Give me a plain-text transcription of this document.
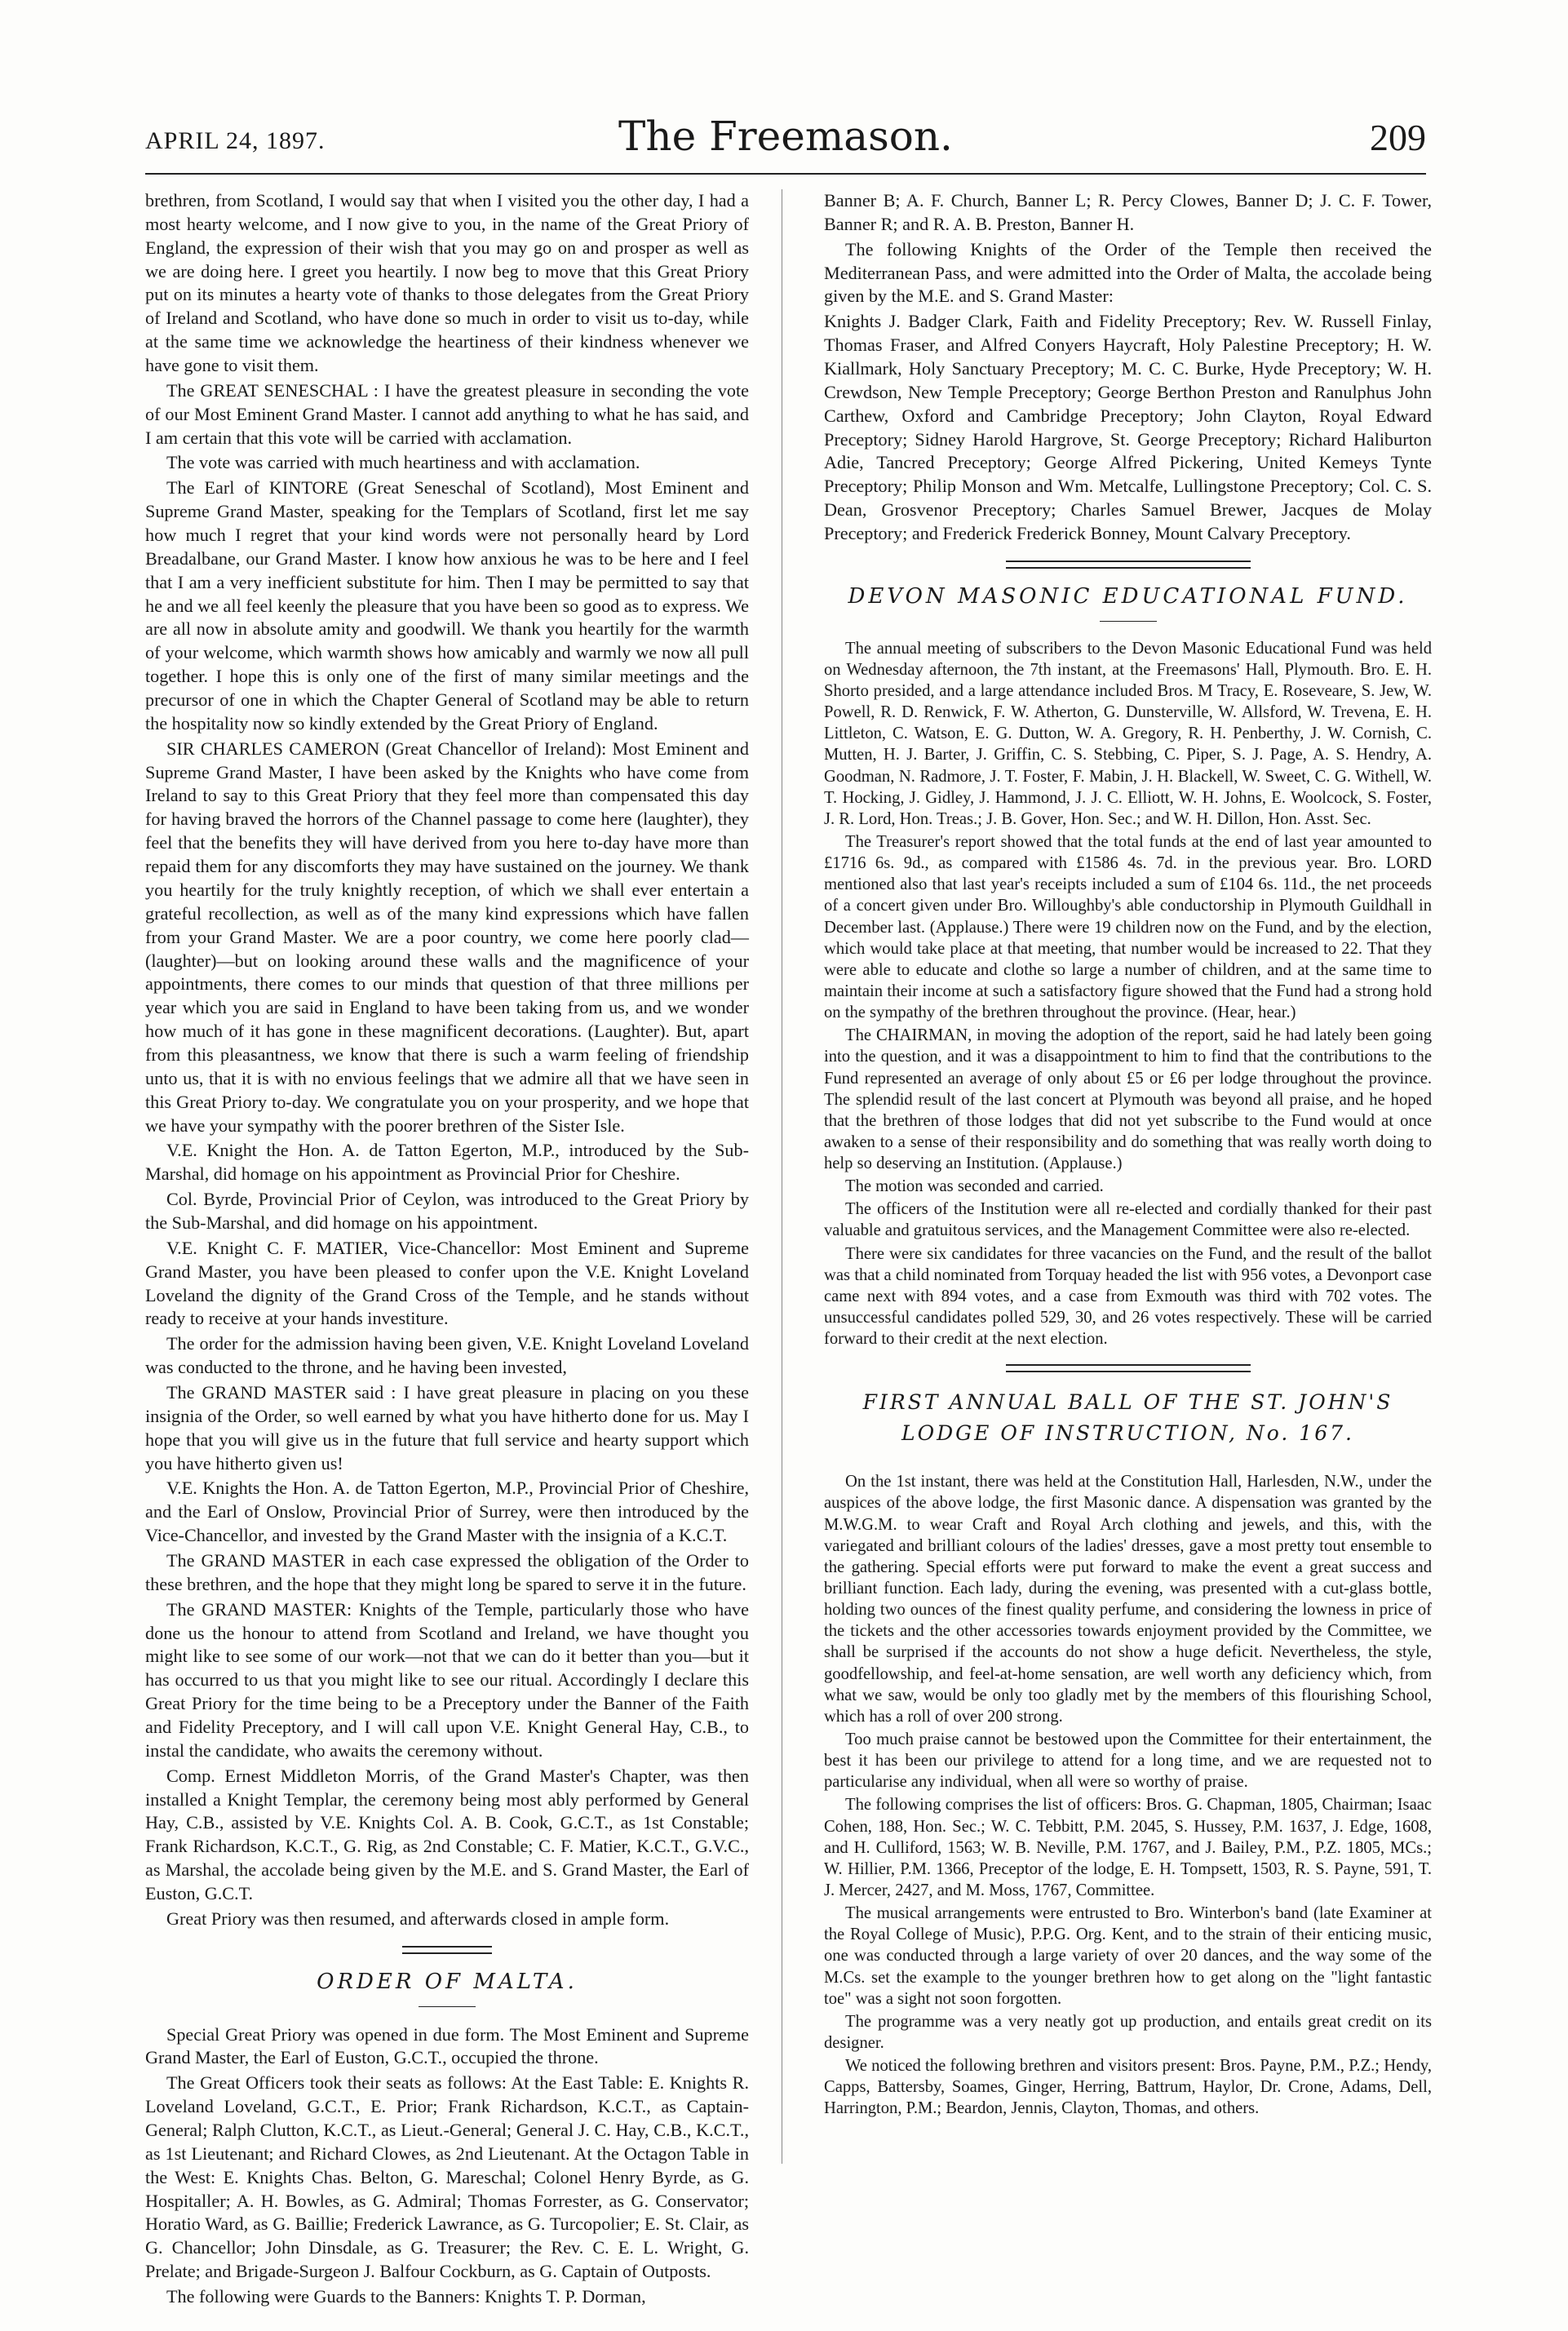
APRIL 24, 1897.	The Freemason.	209

brethren, from Scotland, I would say that when I visited you the other day, I had a most hearty welcome, and I now give to you, in the name of the Great Priory of England, the expression of their wish that you may go on and prosper as well as we are doing here. I greet you heartily. I now beg to move that this Great Priory put on its minutes a hearty vote of thanks to those delegates from the Great Priory of Ireland and Scotland, who have done so much in order to visit us to-day, while at the same time we acknowledge the heartiness of their kindness whenever we have gone to visit them.

The GREAT SENESCHAL : I have the greatest pleasure in seconding the vote of our Most Eminent Grand Master. I cannot add anything to what he has said, and I am certain that this vote will be carried with acclamation.

The vote was carried with much heartiness and with acclamation.

The Earl of KINTORE (Great Seneschal of Scotland), Most Eminent and Supreme Grand Master, speaking for the Templars of Scotland, first let me say how much I regret that your kind words were not personally heard by Lord Breadalbane, our Grand Master. I know how anxious he was to be here and I feel that I am a very inefficient substitute for him. Then I may be permitted to say that he and we all feel keenly the pleasure that you have been so good as to express. We are all now in absolute amity and goodwill. We thank you heartily for the warmth of your welcome, which warmth shows how amicably and warmly we now all pull together. I hope this is only one of the first of many similar meetings and the precursor of one in which the Chapter General of Scotland may be able to return the hospitality now so kindly extended by the Great Priory of England.

SIR CHARLES CAMERON (Great Chancellor of Ireland): Most Eminent and Supreme Grand Master, I have been asked by the Knights who have come from Ireland to say to this Great Priory that they feel more than compensated this day for having braved the horrors of the Channel passage to come here (laughter), they feel that the benefits they will have derived from you here to-day have more than repaid them for any discomforts they may have sustained on the journey. We thank you heartily for the truly knightly reception, of which we shall ever entertain a grateful recollection, as well as of the many kind expressions which have fallen from your Grand Master. We are a poor country, we come here poorly clad—(laughter)—but on looking around these walls and the magnificence of your appointments, there comes to our minds that question of that three millions per year which you are said in England to have been taking from us, and we wonder how much of it has gone in these magnificent decorations. (Laughter). But, apart from this pleasantness, we know that there is such a warm feeling of friendship unto us, that it is with no envious feelings that we admire all that we have seen in this Great Priory to-day. We congratulate you on your prosperity, and we hope that we have your sympathy with the poorer brethren of the Sister Isle.

V.E. Knight the Hon. A. de Tatton Egerton, M.P., introduced by the Sub-Marshal, did homage on his appointment as Provincial Prior for Cheshire.

Col. Byrde, Provincial Prior of Ceylon, was introduced to the Great Priory by the Sub-Marshal, and did homage on his appointment.

V.E. Knight C. F. MATIER, Vice-Chancellor: Most Eminent and Supreme Grand Master, you have been pleased to confer upon the V.E. Knight Loveland Loveland the dignity of the Grand Cross of the Temple, and he stands without ready to receive at your hands investiture.

The order for the admission having been given, V.E. Knight Loveland Loveland was conducted to the throne, and he having been invested,

The GRAND MASTER said : I have great pleasure in placing on you these insignia of the Order, so well earned by what you have hitherto done for us. May I hope that you will give us in the future that full service and hearty support which you have hitherto given us!

V.E. Knights the Hon. A. de Tatton Egerton, M.P., Provincial Prior of Cheshire, and the Earl of Onslow, Provincial Prior of Surrey, were then introduced by the Vice-Chancellor, and invested by the Grand Master with the insignia of a K.C.T.

The GRAND MASTER in each case expressed the obligation of the Order to these brethren, and the hope that they might long be spared to serve it in the future.

The GRAND MASTER: Knights of the Temple, particularly those who have done us the honour to attend from Scotland and Ireland, we have thought you might like to see some of our work—not that we can do it better than you—but it has occurred to us that you might like to see our ritual. Accordingly I declare this Great Priory for the time being to be a Preceptory under the Banner of the Faith and Fidelity Preceptory, and I will call upon V.E. Knight General Hay, C.B., to instal the candidate, who awaits the ceremony without.

Comp. Ernest Middleton Morris, of the Grand Master's Chapter, was then installed a Knight Templar, the ceremony being most ably performed by General Hay, C.B., assisted by V.E. Knights Col. A. B. Cook, G.C.T., as 1st Constable; Frank Richardson, K.C.T., G. Rig, as 2nd Constable; C. F. Matier, K.C.T., G.V.C., as Marshal, the accolade being given by the M.E. and S. Grand Master, the Earl of Euston, G.C.T.

Great Priory was then resumed, and afterwards closed in ample form.

ORDER OF MALTA.

Special Great Priory was opened in due form. The Most Eminent and Supreme Grand Master, the Earl of Euston, G.C.T., occupied the throne.

The Great Officers took their seats as follows: At the East Table: E. Knights R. Loveland Loveland, G.C.T., E. Prior; Frank Richardson, K.C.T., as Captain-General; Ralph Clutton, K.C.T., as Lieut.-General; General J. C. Hay, C.B., K.C.T., as 1st Lieutenant; and Richard Clowes, as 2nd Lieutenant. At the Octagon Table in the West: E. Knights Chas. Belton, G. Mareschal; Colonel Henry Byrde, as G. Hospitaller; A. H. Bowles, as G. Admiral; Thomas Forrester, as G. Conservator; Horatio Ward, as G. Baillie; Frederick Lawrance, as G. Turcopolier; E. St. Clair, as G. Chancellor; John Dinsdale, as G. Treasurer; the Rev. C. E. L. Wright, G. Prelate; and Brigade-Surgeon J. Balfour Cockburn, as G. Captain of Outposts.

The following were Guards to the Banners: Knights T. P. Dorman,

Banner B; A. F. Church, Banner L; R. Percy Clowes, Banner D; J. C. F. Tower, Banner R; and R. A. B. Preston, Banner H.

The following Knights of the Order of the Temple then received the Mediterranean Pass, and were admitted into the Order of Malta, the accolade being given by the M.E. and S. Grand Master:

Knights J. Badger Clark, Faith and Fidelity Preceptory; Rev. W. Russell Finlay, Thomas Fraser, and Alfred Conyers Haycraft, Holy Palestine Preceptory; H. W. Kiallmark, Holy Sanctuary Preceptory; M. C. C. Burke, Hyde Preceptory; W. H. Crewdson, New Temple Preceptory; George Berthon Preston and Ranulphus John Carthew, Oxford and Cambridge Preceptory; John Clayton, Royal Edward Preceptory; Sidney Harold Hargrove, St. George Preceptory; Richard Haliburton Adie, Tancred Preceptory; George Alfred Pickering, United Kemeys Tynte Preceptory; Philip Monson and Wm. Metcalfe, Lullingstone Preceptory; Col. C. S. Dean, Grosvenor Preceptory; Charles Samuel Brewer, Jacques de Molay Preceptory; and Frederick Frederick Bonney, Mount Calvary Preceptory.

DEVON MASONIC EDUCATIONAL FUND.

The annual meeting of subscribers to the Devon Masonic Educational Fund was held on Wednesday afternoon, the 7th instant, at the Freemasons' Hall, Plymouth. Bro. E. H. Shorto presided, and a large attendance included Bros. M Tracy, E. Roseveare, S. Jew, W. Powell, R. D. Renwick, F. W. Atherton, G. Dunsterville, W. Allsford, W. Trevena, E. H. Littleton, C. Watson, E. G. Dutton, W. A. Gregory, R. H. Penberthy, J. W. Cornish, C. Mutten, H. J. Barter, J. Griffin, C. S. Stebbing, C. Piper, S. J. Page, A. S. Hendry, A. Goodman, N. Radmore, J. T. Foster, F. Mabin, J. H. Blackell, W. Sweet, C. G. Withell, W. T. Hocking, J. Gidley, J. Hammond, J. J. C. Elliott, W. H. Johns, E. Woolcock, S. Foster, J. R. Lord, Hon. Treas.; J. B. Gover, Hon. Sec.; and W. H. Dillon, Hon. Asst. Sec.

The Treasurer's report showed that the total funds at the end of last year amounted to £1716 6s. 9d., as compared with £1586 4s. 7d. in the previous year. Bro. LORD mentioned also that last year's receipts included a sum of £104 6s. 11d., the net proceeds of a concert given under Bro. Willoughby's able conductorship in Plymouth Guildhall in December last. (Applause.) There were 19 children now on the Fund, and by the election, which would take place at that meeting, that number would be increased to 22. That they were able to educate and clothe so large a number of children, and at the same time to maintain their income at such a satisfactory figure showed that the Fund had a strong hold on the sympathy of the brethren throughout the province. (Hear, hear.)

The CHAIRMAN, in moving the adoption of the report, said he had lately been going into the question, and it was a disappointment to him to find that the contributions to the Fund represented an average of only about £5 or £6 per lodge throughout the province. The splendid result of the last concert at Plymouth was beyond all praise, and he hoped that the brethren of those lodges that did not yet subscribe to the Fund would at once awaken to a sense of their responsibility and do something that was really worth doing to help so deserving an Institution. (Applause.)

The motion was seconded and carried.

The officers of the Institution were all re-elected and cordially thanked for their past valuable and gratuitous services, and the Management Committee were also re-elected.

There were six candidates for three vacancies on the Fund, and the result of the ballot was that a child nominated from Torquay headed the list with 956 votes, a Devonport case came next with 894 votes, and a case from Exmouth was third with 702 votes. The unsuccessful candidates polled 529, 30, and 26 votes respectively. These will be carried forward to their credit at the next election.

FIRST ANNUAL BALL OF THE ST. JOHN'S
LODGE OF INSTRUCTION, No. 167.

On the 1st instant, there was held at the Constitution Hall, Harlesden, N.W., under the auspices of the above lodge, the first Masonic dance. A dispensation was granted by the M.W.G.M. to wear Craft and Royal Arch clothing and jewels, and this, with the variegated and brilliant colours of the ladies' dresses, gave a most pretty tout ensemble to the gathering. Special efforts were put forward to make the event a great success and brilliant function. Each lady, during the evening, was presented with a cut-glass bottle, holding two ounces of the finest quality perfume, and considering the lowness in price of the tickets and the other accessories towards enjoyment provided by the Committee, we shall be surprised if the accounts do not show a huge deficit. Nevertheless, the style, goodfellowship, and feel-at-home sensation, are well worth any deficiency which, from what we saw, would be only too gladly met by the members of this flourishing School, which has a roll of over 200 strong.

Too much praise cannot be bestowed upon the Committee for their entertainment, the best it has been our privilege to attend for a long time, and we are requested not to particularise any individual, when all were so worthy of praise.

The following comprises the list of officers: Bros. G. Chapman, 1805, Chairman; Isaac Cohen, 188, Hon. Sec.; W. C. Tebbitt, P.M. 2045, S. Hussey, P.M. 1637, J. Edge, 1608, and H. Culliford, 1563; W. B. Neville, P.M. 1767, and J. Bailey, P.M., P.Z. 1805, MCs.; W. Hillier, P.M. 1366, Preceptor of the lodge, E. H. Tompsett, 1503, R. S. Payne, 591, T. J. Mercer, 2427, and M. Moss, 1767, Committee.

The musical arrangements were entrusted to Bro. Winterbon's band (late Examiner at the Royal College of Music), P.P.G. Org. Kent, and to the strain of their enticing music, one was conducted through a large variety of over 20 dances, and the way some of the M.Cs. set the example to the younger brethren how to get along on the "light fantastic toe" was a sight not soon forgotten.

The programme was a very neatly got up production, and entails great credit on its designer.

We noticed the following brethren and visitors present: Bros. Payne, P.M., P.Z.; Hendy, Capps, Battersby, Soames, Ginger, Herring, Battrum, Haylor, Dr. Crone, Adams, Dell, Harrington, P.M.; Beardon, Jennis, Clayton, Thomas, and others.
